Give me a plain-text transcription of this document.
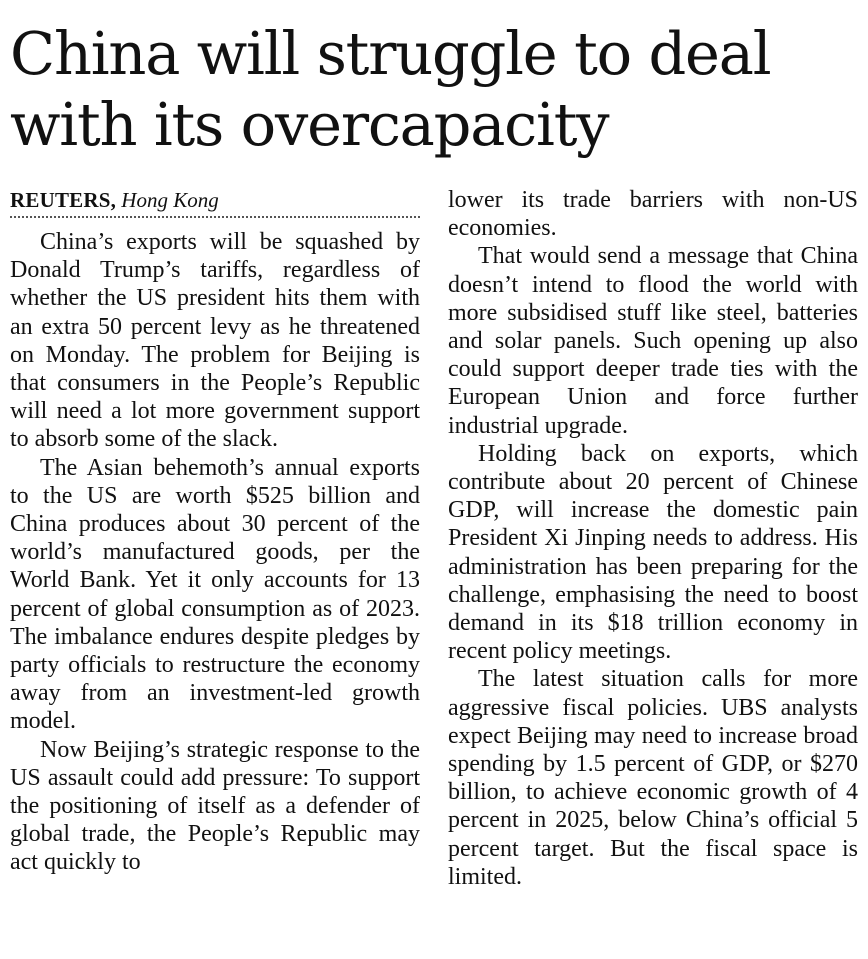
China will struggle to deal with its overcapacity
REUTERS, Hong Kong

China’s exports will be squashed by Donald Trump’s tariffs, regardless of whether the US president hits them with an extra 50 percent levy as he threatened on Monday. The problem for Beijing is that consumers in the People’s Republic will need a lot more government support to absorb some of the slack.

The Asian behemoth’s annual exports to the US are worth $525 billion and China produces about 30 percent of the world’s manufactured goods, per the World Bank. Yet it only accounts for 13 percent of global consumption as of 2023. The imbalance endures despite pledges by party officials to restructure the economy away from an investment-led growth model.

Now Beijing’s strategic response to the US assault could add pressure: To support the positioning of itself as a defender of global trade, the People’s Republic may act quickly to

lower its trade barriers with non-US economies.

That would send a message that China doesn’t intend to flood the world with more subsidised stuff like steel, batteries and solar panels. Such opening up also could support deeper trade ties with the European Union and force further industrial upgrade.

Holding back on exports, which contribute about 20 percent of Chinese GDP, will increase the domestic pain President Xi Jinping needs to address. His administration has been preparing for the challenge, emphasising the need to boost demand in its $18 trillion economy in recent policy meetings.

The latest situation calls for more aggressive fiscal policies. UBS analysts expect Beijing may need to increase broad spending by 1.5 percent of GDP, or $270 billion, to achieve economic growth of 4 percent in 2025, below China’s official 5 percent target. But the fiscal space is limited.
